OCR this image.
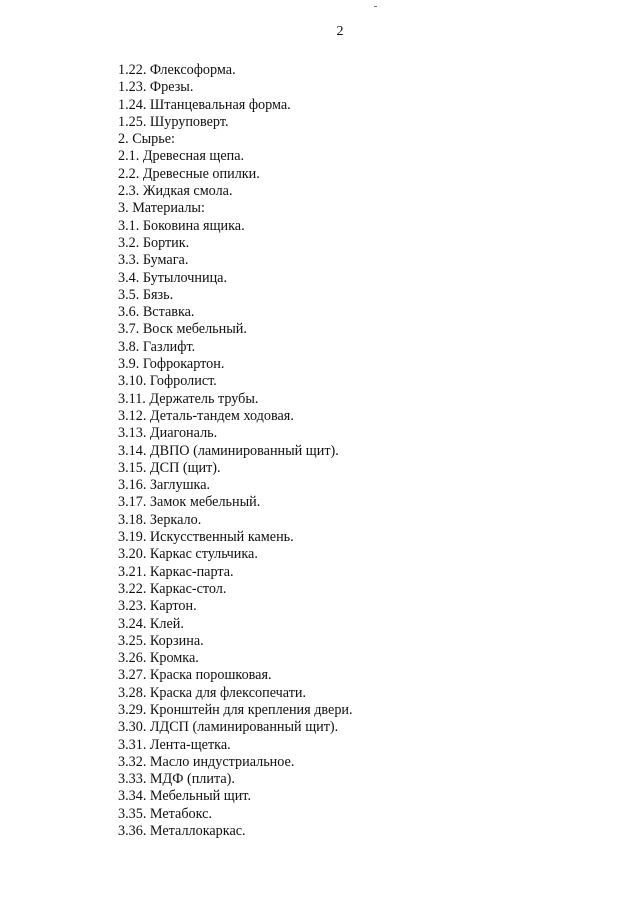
2
1.22. Флексоформа.
1.23. Фрезы.
1.24. Штанцевальная форма.
1.25. Шуруповерт.
2. Сырье:
2.1. Древесная щепа.
2.2. Древесные опилки.
2.3. Жидкая смола.
3. Материалы:
3.1. Боковина ящика.
3.2. Бортик.
3.3. Бумага.
3.4. Бутылочница.
3.5. Бязь.
3.6. Вставка.
3.7. Воск мебельный.
3.8. Газлифт.
3.9. Гофрокартон.
3.10. Гофролист.
3.11. Держатель трубы.
3.12. Деталь-тандем ходовая.
3.13. Диагональ.
3.14. ДВПО (ламинированный щит).
3.15. ДСП (щит).
3.16. Заглушка.
3.17. Замок мебельный.
3.18. Зеркало.
3.19. Искусственный камень.
3.20. Каркас стульчика.
3.21. Каркас-парта.
3.22. Каркас-стол.
3.23. Картон.
3.24. Клей.
3.25. Корзина.
3.26. Кромка.
3.27. Краска порошковая.
3.28. Краска для флексопечати.
3.29. Кронштейн для крепления двери.
3.30. ЛДСП (ламинированный щит).
3.31. Лента-щетка.
3.32. Масло индустриальное.
3.33. МДФ (плита).
3.34. Мебельный щит.
3.35. Метабокс.
3.36. Металлокаркас.
